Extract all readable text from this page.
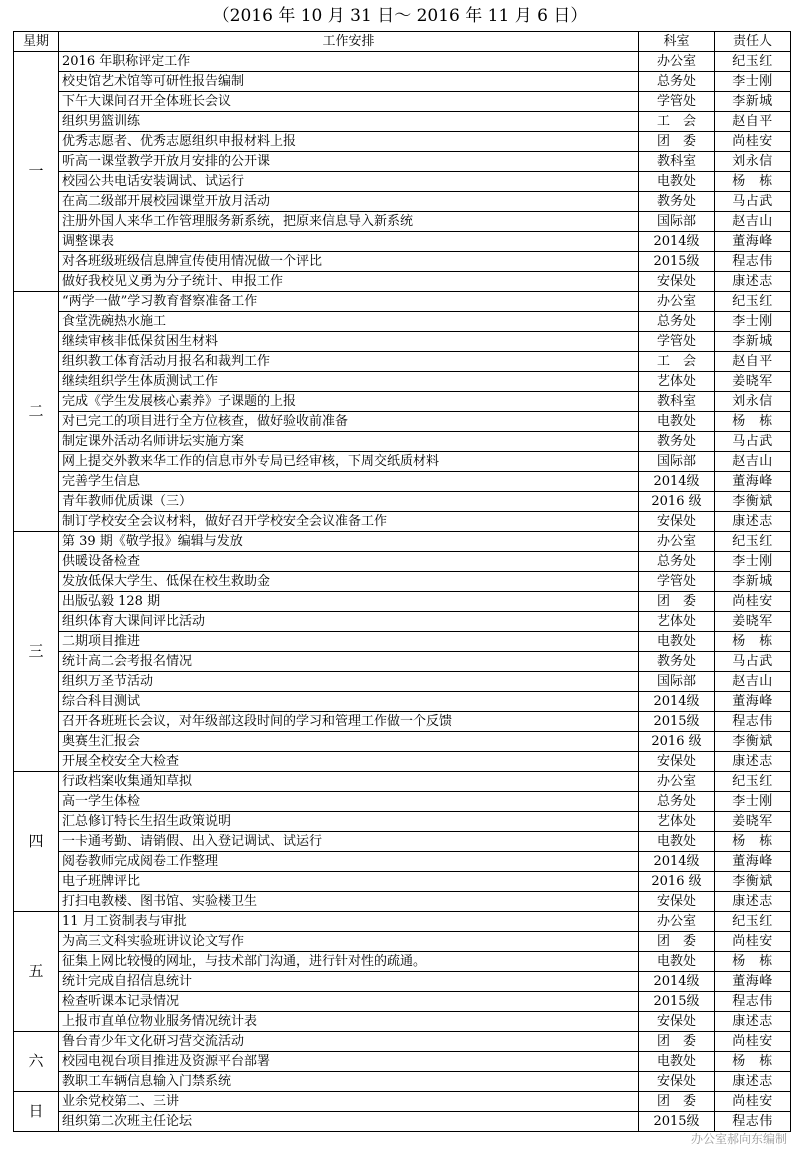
（2016 年 10 月 31 日～ 2016 年 11 月 6 日）
星期	工作安排	科室	责任人
一	2016 年职称评定工作	办公室	纪玉红
	校史馆艺术馆等可研性报告编制	总务处	李士刚
	下午大课间召开全体班长会议	学管处	李新城
	组织男篮训练	工　会	赵自平
	优秀志愿者、优秀志愿组织申报材料上报	团　委	尚桂安
	听高一课堂教学开放月安排的公开课	教科室	刘永信
	校园公共电话安装调试、试运行	电教处	杨　栋
	在高二级部开展校园课堂开放月活动	教务处	马占武
	注册外国人来华工作管理服务新系统，把原来信息导入新系统	国际部	赵吉山
	调整课表	2014级	董海峰
	对各班级班级信息牌宣传使用情况做一个评比	2015级	程志伟
	做好我校见义勇为分子统计、申报工作	安保处	康述志
二	“两学一做”学习教育督察准备工作	办公室	纪玉红
	食堂洗碗热水施工	总务处	李士刚
	继续审核非低保贫困生材料	学管处	李新城
	组织教工体育活动月报名和裁判工作	工　会	赵自平
	继续组织学生体质测试工作	艺体处	姜晓军
	完成《学生发展核心素养》子课题的上报	教科室	刘永信
	对已完工的项目进行全方位核查，做好验收前准备	电教处	杨　栋
	制定课外活动名师讲坛实施方案	教务处	马占武
	网上提交外教来华工作的信息市外专局已经审核，下周交纸质材料	国际部	赵吉山
	完善学生信息	2014级	董海峰
	青年教师优质课（三）	2016 级	李衡斌
	制订学校安全会议材料，做好召开学校安全会议准备工作	安保处	康述志
三	第 39 期《敬学报》编辑与发放	办公室	纪玉红
	供暖设备检查	总务处	李士刚
	发放低保大学生、低保在校生救助金	学管处	李新城
	出版弘毅 128 期	团　委	尚桂安
	组织体育大课间评比活动	艺体处	姜晓军
	二期项目推进	电教处	杨　栋
	统计高二会考报名情况	教务处	马占武
	组织万圣节活动	国际部	赵吉山
	综合科目测试	2014级	董海峰
	召开各班班长会议，对年级部这段时间的学习和管理工作做一个反馈	2015级	程志伟
	奥赛生汇报会	2016 级	李衡斌
	开展全校安全大检查	安保处	康述志
四	行政档案收集通知草拟	办公室	纪玉红
	高一学生体检	总务处	李士刚
	汇总修订特长生招生政策说明	艺体处	姜晓军
	一卡通考勤、请销假、出入登记调试、试运行	电教处	杨　栋
	阅卷教师完成阅卷工作整理	2014级	董海峰
	电子班牌评比	2016 级	李衡斌
	打扫电教楼、图书馆、实验楼卫生	安保处	康述志
五	11 月工资制表与审批	办公室	纪玉红
	为高三文科实验班讲议论文写作	团　委	尚桂安
	征集上网比较慢的网址，与技术部门沟通，进行针对性的疏通。	电教处	杨　栋
	统计完成自招信息统计	2014级	董海峰
	检查听课本记录情况	2015级	程志伟
	上报市直单位物业服务情况统计表	安保处	康述志
六	鲁台青少年文化研习营交流活动	团　委	尚桂安
	校园电视台项目推进及资源平台部署	电教处	杨　栋
	教职工车辆信息输入门禁系统	安保处	康述志
日	业余党校第二、三讲	团　委	尚桂安
	组织第二次班主任论坛	2015级	程志伟
办公室郝向东编制
